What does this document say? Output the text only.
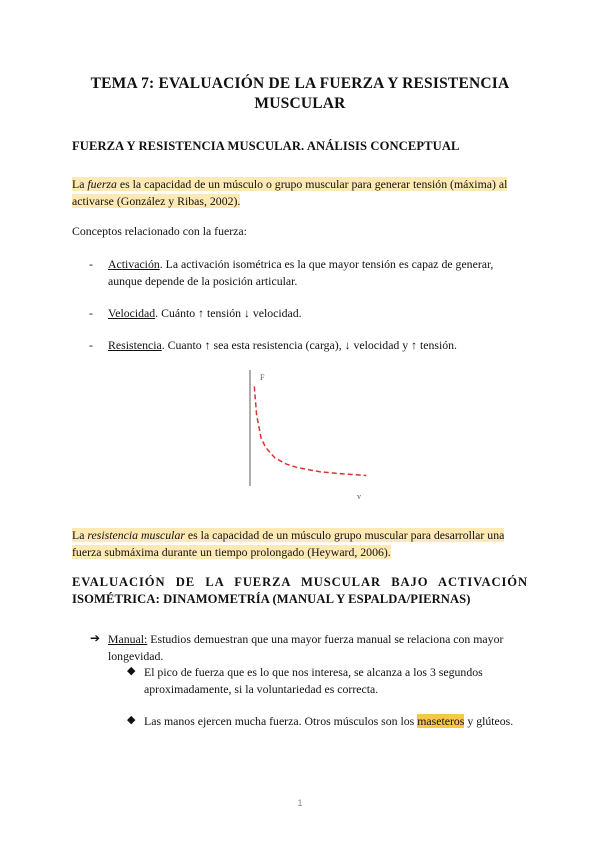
TEMA 7: EVALUACIÓN DE LA FUERZA Y RESISTENCIA
MUSCULAR
FUERZA Y RESISTENCIA MUSCULAR. ANÁLISIS CONCEPTUAL
La fuerza es la capacidad de un músculo o grupo muscular para generar tensión (máxima) al
activarse (González y Ribas, 2002).
Conceptos relacionado con la fuerza:
- Activación. La activación isométrica es la que mayor tensión es capaz de generar,
aunque depende de la posición articular.
- Velocidad. Cuánto ↑ tensión ↓ velocidad.
- Resistencia. Cuanto ↑ sea esta resistencia (carga), ↓ velocidad y ↑ tensión.
F
v
La resistencia muscular es la capacidad de un músculo grupo muscular para desarrollar una
fuerza submáxima durante un tiempo prolongado (Heyward, 2006).
EVALUACIÓN DE LA FUERZA MUSCULAR BAJO ACTIVACIÓN
ISOMÉTRICA: DINAMOMETRÍA (MANUAL Y ESPALDA/PIERNAS)
➔ Manual: Estudios demuestran que una mayor fuerza manual se relaciona con mayor
longevidad.
◆ El pico de fuerza que es lo que nos interesa, se alcanza a los 3 segundos
aproximadamente, si la voluntariedad es correcta.
◆ Las manos ejercen mucha fuerza. Otros músculos son los maseteros y glúteos.
1
